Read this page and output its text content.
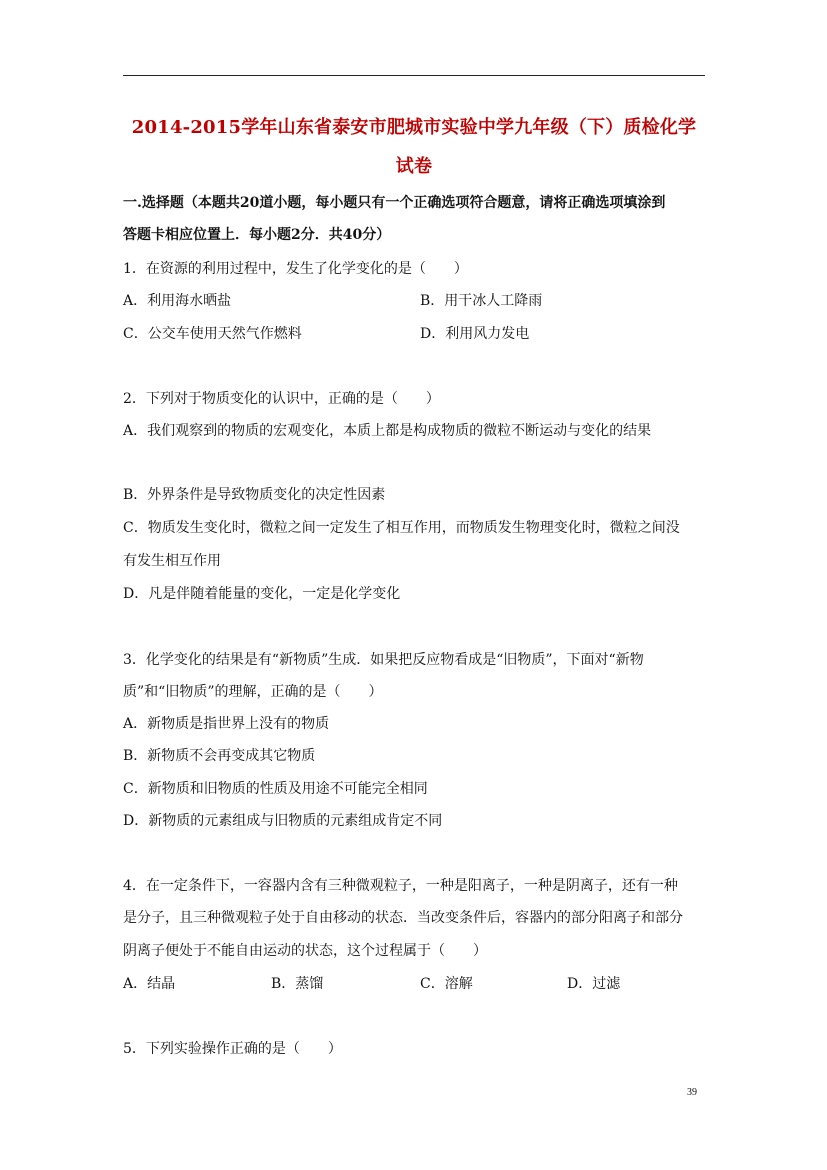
2014-2015学年山东省泰安市肥城市实验中学九年级（下）质检化学
试卷
一.选择题（本题共20道小题，每小题只有一个正确选项符合题意，请将正确选项填涂到
答题卡相应位置上．每小题2分．共40分）
1．在资源的利用过程中，发生了化学变化的是（　　）
A．利用海水晒盐	B．用干冰人工降雨
C．公交车使用天然气作燃料	D．利用风力发电
2．下列对于物质变化的认识中，正确的是（　　）
A．我们观察到的物质的宏观变化，本质上都是构成物质的微粒不断运动与变化的结果
B．外界条件是导致物质变化的决定性因素
C．物质发生变化时，微粒之间一定发生了相互作用，而物质发生物理变化时，微粒之间没
有发生相互作用
D．凡是伴随着能量的变化，一定是化学变化
3．化学变化的结果是有“新物质”生成．如果把反应物看成是“旧物质”，下面对“新物
质”和“旧物质”的理解，正确的是（　　）
A．新物质是指世界上没有的物质
B．新物质不会再变成其它物质
C．新物质和旧物质的性质及用途不可能完全相同
D．新物质的元素组成与旧物质的元素组成肯定不同
4．在一定条件下，一容器内含有三种微观粒子，一种是阳离子，一种是阴离子，还有一种
是分子，且三种微观粒子处于自由移动的状态．当改变条件后，容器内的部分阳离子和部分
阴离子便处于不能自由运动的状态，这个过程属于（　　）
A．结晶	B．蒸馏	C．溶解	D．过滤
5．下列实验操作正确的是（　　）
39
